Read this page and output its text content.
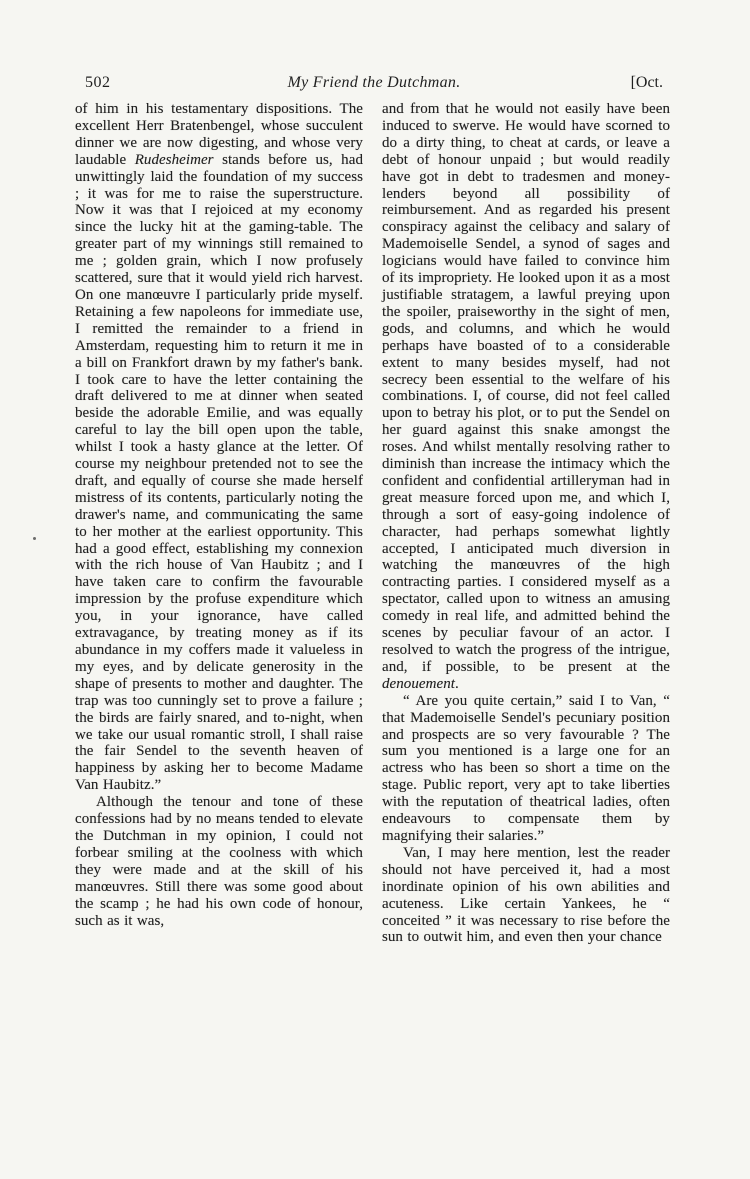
502	My Friend the Dutchman.	[Oct.

of him in his testamentary dispositions. The excellent Herr Bratenbengel, whose succulent dinner we are now digesting, and whose very laudable Rudesheimer stands before us, had unwittingly laid the foundation of my success ; it was for me to raise the superstructure. Now it was that I rejoiced at my economy since the lucky hit at the gaming-table. The greater part of my winnings still remained to me ; golden grain, which I now profusely scattered, sure that it would yield rich harvest. On one manœuvre I particularly pride myself. Retaining a few napoleons for immediate use, I remitted the remainder to a friend in Amsterdam, requesting him to return it me in a bill on Frankfort drawn by my father's bank. I took care to have the letter containing the draft delivered to me at dinner when seated beside the adorable Emilie, and was equally careful to lay the bill open upon the table, whilst I took a hasty glance at the letter. Of course my neighbour pretended not to see the draft, and equally of course she made herself mistress of its contents, particularly noting the drawer's name, and communicating the same to her mother at the earliest opportunity. This had a good effect, establishing my connexion with the rich house of Van Haubitz ; and I have taken care to confirm the favourable impression by the profuse expenditure which you, in your ignorance, have called extravagance, by treating money as if its abundance in my coffers made it valueless in my eyes, and by delicate generosity in the shape of presents to mother and daughter. The trap was too cunningly set to prove a failure ; the birds are fairly snared, and to-night, when we take our usual romantic stroll, I shall raise the fair Sendel to the seventh heaven of happiness by asking her to become Madame Van Haubitz.”

Although the tenour and tone of these confessions had by no means tended to elevate the Dutchman in my opinion, I could not forbear smiling at the coolness with which they were made and at the skill of his manœuvres. Still there was some good about the scamp ; he had his own code of honour, such as it was,

and from that he would not easily have been induced to swerve. He would have scorned to do a dirty thing, to cheat at cards, or leave a debt of honour unpaid ; but would readily have got in debt to tradesmen and money-lenders beyond all possibility of reimbursement. And as regarded his present conspiracy against the celibacy and salary of Mademoiselle Sendel, a synod of sages and logicians would have failed to convince him of its impropriety. He looked upon it as a most justifiable stratagem, a lawful preying upon the spoiler, praiseworthy in the sight of men, gods, and columns, and which he would perhaps have boasted of to a considerable extent to many besides myself, had not secrecy been essential to the welfare of his combinations. I, of course, did not feel called upon to betray his plot, or to put the Sendel on her guard against this snake amongst the roses. And whilst mentally resolving rather to diminish than increase the intimacy which the confident and confidential artilleryman had in great measure forced upon me, and which I, through a sort of easy-going indolence of character, had perhaps somewhat lightly accepted, I anticipated much diversion in watching the manœuvres of the high contracting parties. I considered myself as a spectator, called upon to witness an amusing comedy in real life, and admitted behind the scenes by peculiar favour of an actor. I resolved to watch the progress of the intrigue, and, if possible, to be present at the denouement.

“ Are you quite certain,” said I to Van, “ that Mademoiselle Sendel's pecuniary position and prospects are so very favourable ? The sum you mentioned is a large one for an actress who has been so short a time on the stage. Public report, very apt to take liberties with the reputation of theatrical ladies, often endeavours to compensate them by magnifying their salaries.”

Van, I may here mention, lest the reader should not have perceived it, had a most inordinate opinion of his own abilities and acuteness. Like certain Yankees, he “ conceited ” it was necessary to rise before the sun to outwit him, and even then your chance
